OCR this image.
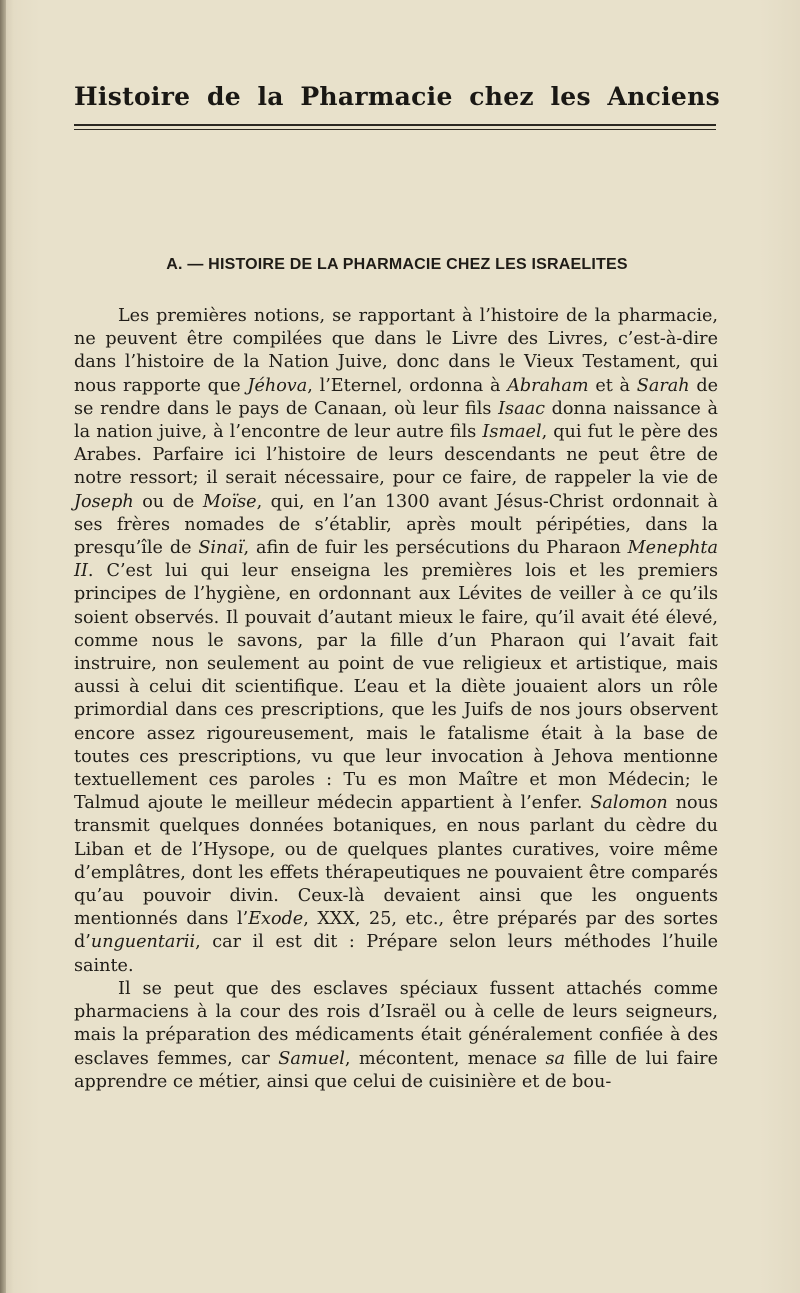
Histoire de la Pharmacie chez les Anciens
A. — HISTOIRE DE LA PHARMACIE CHEZ LES ISRAELITES

Les premières notions, se rapportant à l’histoire de la pharmacie, ne peuvent être compilées que dans le Livre des Livres, c’est-à-dire dans l’histoire de la Nation Juive, donc dans le Vieux Testament, qui nous rapporte que Jéhova, l’Eternel, ordonna à Abraham et à Sarah de se rendre dans le pays de Canaan, où leur fils Isaac donna naissance à la nation juive, à l’encontre de leur autre fils Ismael, qui fut le père des Arabes. Parfaire ici l’histoire de leurs descendants ne peut être de notre ressort; il serait nécessaire, pour ce faire, de rappeler la vie de Joseph ou de Moïse, qui, en l’an 1300 avant Jésus-Christ ordonnait à ses frères nomades de s’établir, après moult péripéties, dans la presqu’île de Sinaï, afin de fuir les persécutions du Pharaon Menephta II. C’est lui qui leur enseigna les premières lois et les premiers principes de l’hygiène, en ordonnant aux Lévites de veiller à ce qu’ils soient observés. Il pouvait d’autant mieux le faire, qu’il avait été élevé, comme nous le savons, par la fille d’un Pharaon qui l’avait fait instruire, non seulement au point de vue religieux et artistique, mais aussi à celui dit scientifique. L’eau et la diète jouaient alors un rôle primordial dans ces prescriptions, que les Juifs de nos jours observent encore assez rigoureusement, mais le fatalisme était à la base de toutes ces prescriptions, vu que leur invocation à Jehova mentionne textuellement ces paroles : Tu es mon Maître et mon Médecin; le Talmud ajoute le meilleur médecin appartient à l’enfer. Salomon nous transmit quelques données botaniques, en nous parlant du cèdre du Liban et de l’Hysope, ou de quelques plantes curatives, voire même d’emplâtres, dont les effets thérapeutiques ne pouvaient être comparés qu’au pouvoir divin. Ceux-là devaient ainsi que les onguents mentionnés dans l’Exode, XXX, 25, etc., être préparés par des sortes d’unguentarii, car il est dit : Prépare selon leurs méthodes l’huile sainte.

Il se peut que des esclaves spéciaux fussent attachés comme pharmaciens à la cour des rois d’Israël ou à celle de leurs seigneurs, mais la préparation des médicaments était généralement confiée à des esclaves femmes, car Samuel, mécontent, menace sa fille de lui faire apprendre ce métier, ainsi que celui de cuisinière et de bou-
